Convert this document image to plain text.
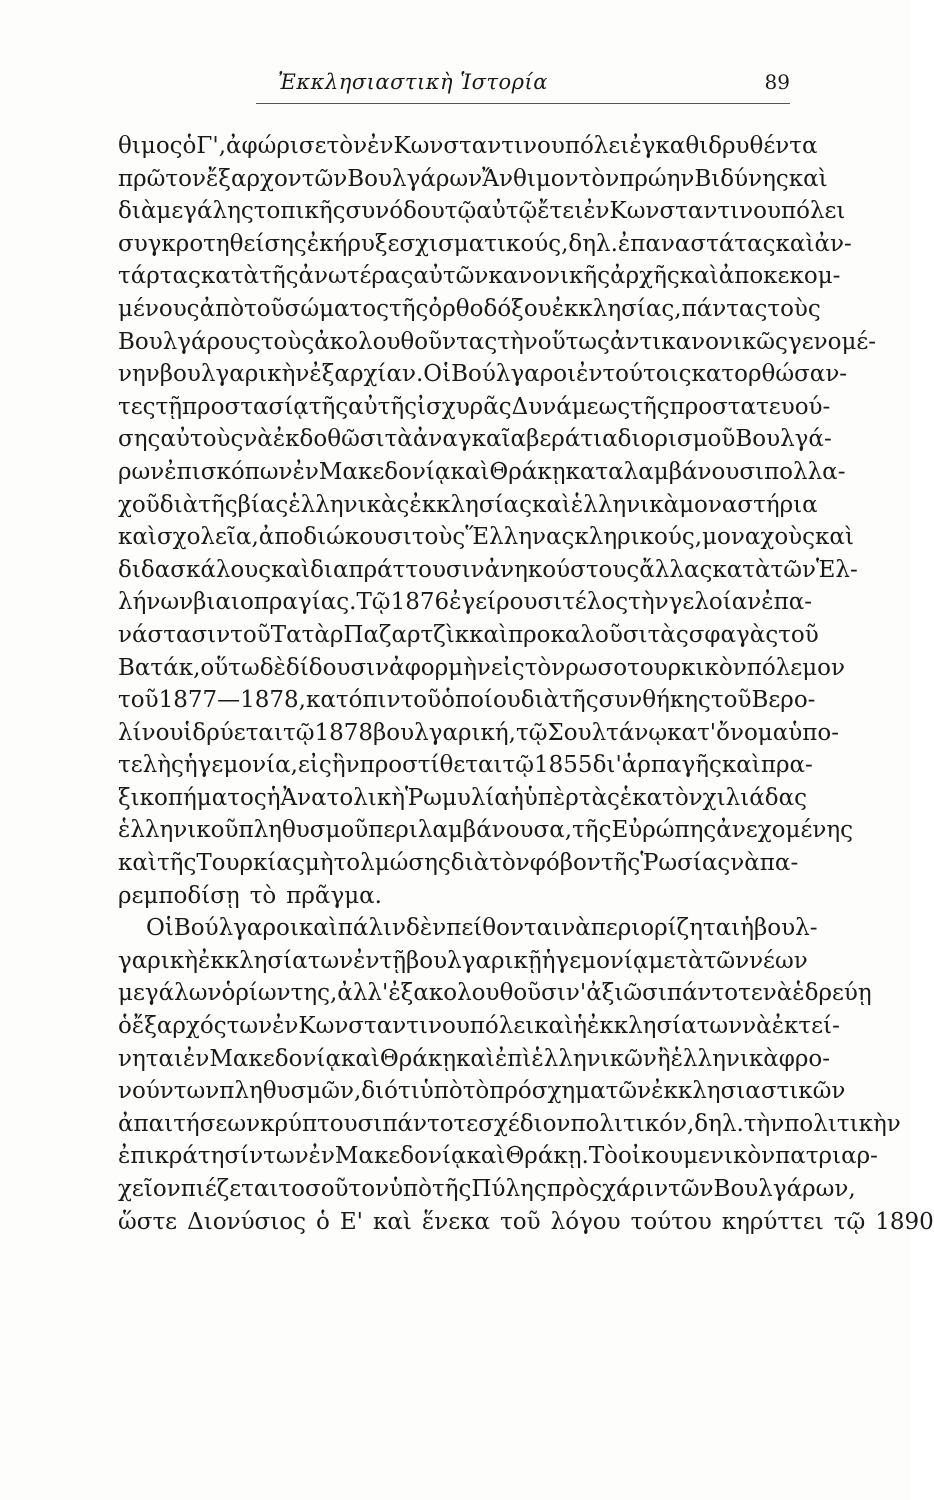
Ἐκκλησιαστικὴ Ἱστορία	89
θιμος ὁ Γ', ἀφώρισε τὸν ἐν Κωνσταντινουπόλει ἐγκαθιδρυθέντα
πρῶτον ἔξαρχον τῶν Βουλγάρων Ἄνθιμον τὸν πρώην Βιδύνης καὶ
διὰ μεγάλης τοπικῆς συνόδου τῷ αὐτῷ ἔτει ἐν Κωνσταντινουπόλει
συγκροτηθείσης ἐκήρυξε σχισματικούς, δηλ. ἐπαναστάτας καὶ ἀν-
τάρτας κατὰ τῆς ἀνωτέρας αὐτῶν κανονικῆς ἀρχῆς καὶ ἀποκεκομ-
μένους ἀπὸ τοῦ σώματος τῆς ὀρθοδόξου ἐκκλησίας, πάντας τοὺς
Βουλγάρους τοὺς ἀκολουθοῦντας τὴν οὕτως ἀντικανονικῶς γενομέ-
νην βουλγαρικὴν ἐξαρχίαν. Οἱ Βούλγαροι ἐν τούτοις κατορθώσαν-
τες τῇ προστασίᾳ τῆς αὐτῆς ἰσχυρᾶς Δυνάμεως τῆς προστατευού-
σης αὐτοὺς νὰ ἐκδοθῶσι τὰ ἀναγκαῖα βεράτια διορισμοῦ Βουλγά-
ρων ἐπισκόπων ἐν Μακεδονίᾳ καὶ Θράκῃ καταλαμβάνουσι πολλα-
χοῦ διὰ τῆς βίας ἑλληνικὰς ἐκκλησίας καὶ ἑλληνικὰ μοναστήρια
καὶ σχολεῖα, ἀποδιώκουσι τοὺς Ἕλληνας κληρικούς, μοναχοὺς καὶ
διδασκάλους καὶ διαπράττουσιν ἀνηκούστους ἄλλας κατὰ τῶν Ἑλ-
λήνων βιαιοπραγίας. Τῷ 1876 ἐγείρουσι τέλος τὴν γελοίαν ἐπα-
νάστασιν τοῦ Τατὰρ Παζαρτζὶκ καὶ προκαλοῦσι τὰς σφαγὰς τοῦ
Βατάκ, οὕτω δὲ δίδουσιν ἀφορμὴν εἰς τὸν ρωσοτουρκικὸν πόλεμον
τοῦ 1877—1878, κατόπιν τοῦ ὁποίου διὰ τῆς συνθήκης τοῦ Βερο-
λίνου ἱδρύεται τῷ 1878 βουλγαρική, τῷ Σουλτάνῳ κατ' ὄνομα ὑπο-
τελὴς ἡγεμονία, εἰς ἣν προστίθεται τῷ 1855 δι' ἁρπαγῆς καὶ πρα-
ξικοπήματος ἡ Ἀνατολικὴ Ῥωμυλία ἡ ὑπὲρ τὰς ἑκατὸν χιλιάδας
ἑλληνικοῦ πληθυσμοῦ περιλαμβάνουσα, τῆς Εὐρώπης ἀνεχομένης
καὶ τῆς Τουρκίας μὴ τολμώσης διὰ τὸν φόβον τῆς Ῥωσίας νὰ πα-
ρεμποδίσῃ τὸ πρᾶγμα.
Οἱ Βούλγαροι καὶ πάλιν δὲν πείθονται νὰ περιορίζηται ἡ βουλ-
γαρικὴ ἐκκλησία των ἐν τῇ βουλγαρικῇ ἡγεμονίᾳ μετὰ τῶν νέων
μεγάλων ὁρίων της, ἀλλ' ἐξακολουθοῦσι ν' ἀξιῶσι πάντοτε νὰ ἑδρεύῃ
ὁ ἔξαρχός των ἐν Κωνσταντινουπόλει καὶ ἡ ἐκκλησία των νὰ ἐκτεί-
νηται ἐν Μακεδονίᾳ καὶ Θράκῃ καὶ ἐπὶ ἑλληνικῶν ἢ ἑλληνικὰ φρο-
νούντων πληθυσμῶν, διότι ὑπὸ τὸ πρόσχημα τῶν ἐκκλησιαστικῶν
ἀπαιτήσεων κρύπτουσι πάντοτε σχέδιον πολιτικόν, δηλ. τὴν πολιτικὴν
ἐπικράτησίν των ἐν Μακεδονίᾳ καὶ Θράκῃ. Τὸ οἰκουμενικὸν πατριαρ-
χεῖον πιέζεται τοσοῦτον ὑπὸ τῆς Πύλης πρὸς χάριν τῶν Βουλγάρων,
ὥστε Διονύσιος ὁ Ε' καὶ ἕνεκα τοῦ λόγου τούτου κηρύττει τῷ 1890
